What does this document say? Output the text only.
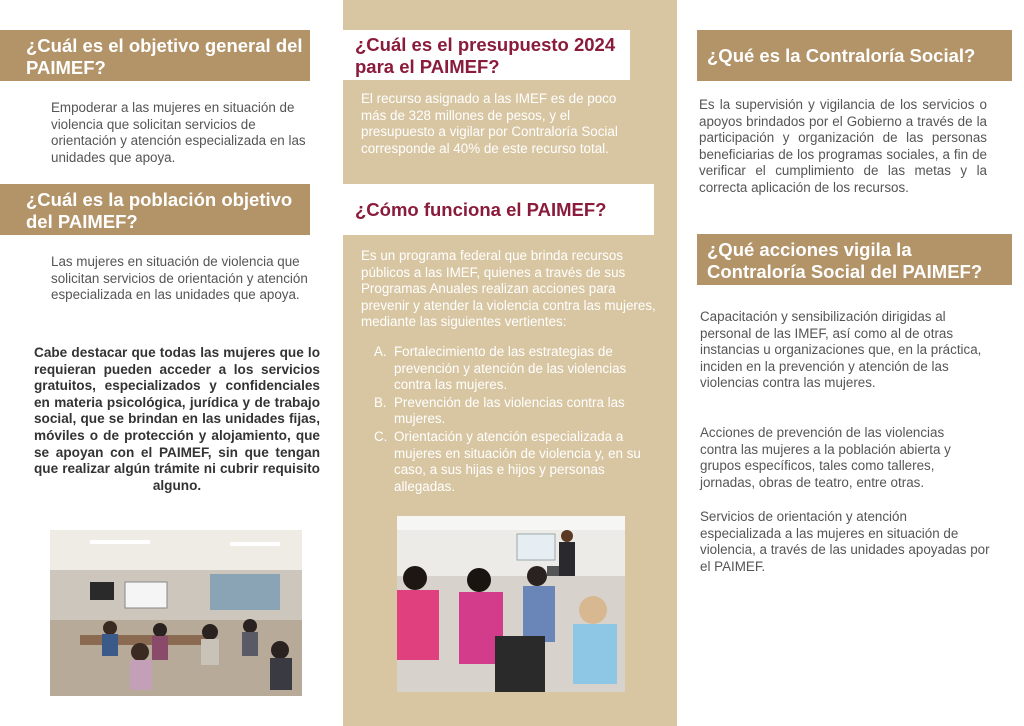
¿Cuál es el objetivo general del PAIMEF?
Empoderar a las mujeres en situación de violencia que solicitan servicios de orientación y atención especializada en las unidades que apoya.
¿Cuál es la población objetivo del PAIMEF?
Las mujeres en situación de violencia que solicitan servicios de orientación y atención especializada en las unidades que apoya.
Cabe destacar que todas las mujeres que lo requieran pueden acceder a los servicios gratuitos, especializados y confidenciales en materia psicológica, jurídica y de trabajo social, que se brindan en las unidades fijas, móviles o de protección y alojamiento, que se apoyan con el PAIMEF, sin que tengan que realizar algún trámite ni cubrir requisito alguno.
¿Cuál es el presupuesto 2024 para el PAIMEF?
El recurso asignado a las IMEF es de poco más de 328 millones de pesos, y el presupuesto a vigilar por Contraloría Social corresponde al 40% de este recurso total.
¿Cómo funciona el PAIMEF?
Es un programa federal que brinda recursos públicos a las IMEF, quienes a través de sus Programas Anuales realizan acciones para prevenir y atender la violencia contra las mujeres, mediante las siguientes vertientes:
A. Fortalecimiento de las estrategias de prevención y atención de las violencias contra las mujeres.
B. Prevención de las violencias contra las mujeres.
C. Orientación y atención especializada a mujeres en situación de violencia y, en su caso, a sus hijas e hijos y personas allegadas.
¿Qué es la Contraloría Social?
Es la supervisión y vigilancia de los servicios o apoyos brindados por el Gobierno a través de la participación y organización de las personas beneficiarias de los programas sociales, a fin de verificar el cumplimiento de las metas y la correcta aplicación de los recursos.
¿Qué acciones vigila la Contraloría Social del PAIMEF?
Capacitación y sensibilización dirigidas al personal de las IMEF, así como al de otras instancias u organizaciones que, en la práctica, inciden en la prevención y atención de las violencias contra las mujeres.
Acciones de prevención de las violencias contra las mujeres a la población abierta y grupos específicos, tales como talleres, jornadas, obras de teatro, entre otras.
Servicios de orientación y atención especializada a las mujeres en situación de violencia, a través de las unidades apoyadas por el PAIMEF.
